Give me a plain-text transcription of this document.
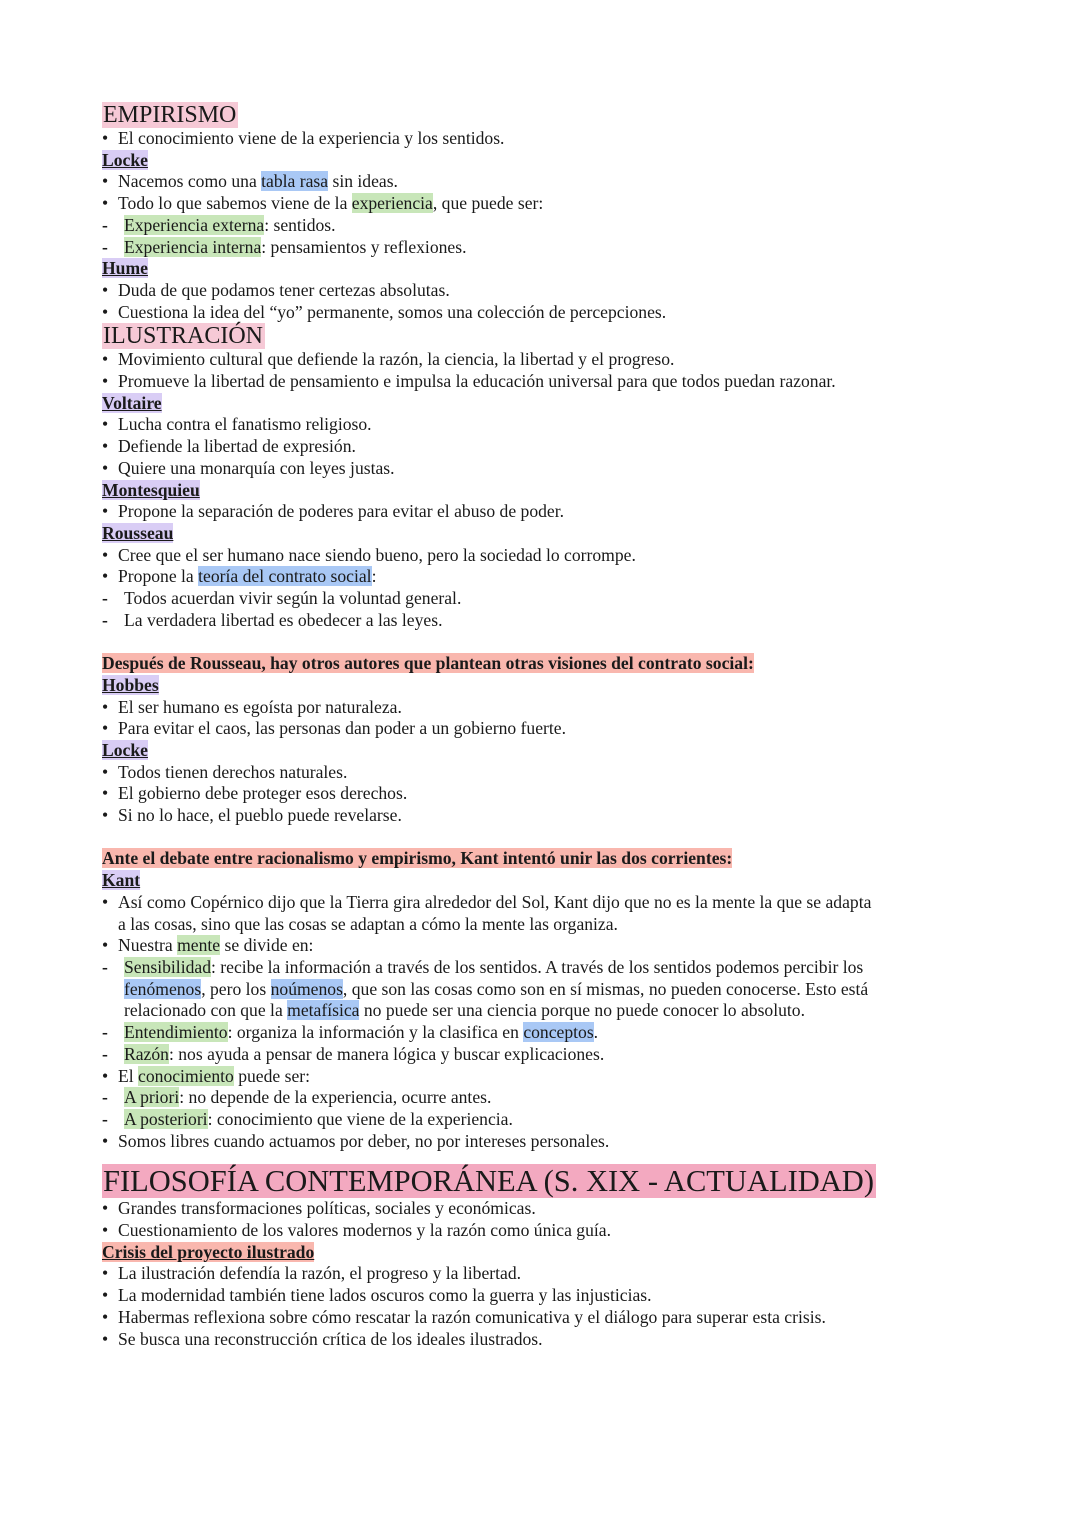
EMPIRISMO
• El conocimiento viene de la experiencia y los sentidos.
Locke
• Nacemos como una tabla rasa sin ideas.
• Todo lo que sabemos viene de la experiencia, que puede ser:
- Experiencia externa: sentidos.
- Experiencia interna: pensamientos y reflexiones.
Hume
• Duda de que podamos tener certezas absolutas.
• Cuestiona la idea del “yo” permanente, somos una colección de percepciones.
ILUSTRACIÓN
• Movimiento cultural que defiende la razón, la ciencia, la libertad y el progreso.
• Promueve la libertad de pensamiento e impulsa la educación universal para que todos puedan razonar.
Voltaire
• Lucha contra el fanatismo religioso.
• Defiende la libertad de expresión.
• Quiere una monarquía con leyes justas.
Montesquieu
• Propone la separación de poderes para evitar el abuso de poder.
Rousseau
• Cree que el ser humano nace siendo bueno, pero la sociedad lo corrompe.
• Propone la teoría del contrato social:
- Todos acuerdan vivir según la voluntad general.
- La verdadera libertad es obedecer a las leyes.
Después de Rousseau, hay otros autores que plantean otras visiones del contrato social:
Hobbes
• El ser humano es egoísta por naturaleza.
• Para evitar el caos, las personas dan poder a un gobierno fuerte.
Locke
• Todos tienen derechos naturales.
• El gobierno debe proteger esos derechos.
• Si no lo hace, el pueblo puede revelarse.
Ante el debate entre racionalismo y empirismo, Kant intentó unir las dos corrientes:
Kant
• Así como Copérnico dijo que la Tierra gira alrededor del Sol, Kant dijo que no es la mente la que se adapta
a las cosas, sino que las cosas se adaptan a cómo la mente las organiza.
• Nuestra mente se divide en:
- Sensibilidad: recibe la información a través de los sentidos. A través de los sentidos podemos percibir los
fenómenos, pero los noúmenos, que son las cosas como son en sí mismas, no pueden conocerse. Esto está
relacionado con que la metafísica no puede ser una ciencia porque no puede conocer lo absoluto.
- Entendimiento: organiza la información y la clasifica en conceptos.
- Razón: nos ayuda a pensar de manera lógica y buscar explicaciones.
• El conocimiento puede ser:
- A priori: no depende de la experiencia, ocurre antes.
- A posteriori: conocimiento que viene de la experiencia.
• Somos libres cuando actuamos por deber, no por intereses personales.
FILOSOFÍA CONTEMPORÁNEA (S. XIX - ACTUALIDAD)
• Grandes transformaciones políticas, sociales y económicas.
• Cuestionamiento de los valores modernos y la razón como única guía.
Crisis del proyecto ilustrado
• La ilustración defendía la razón, el progreso y la libertad.
• La modernidad también tiene lados oscuros como la guerra y las injusticias.
• Habermas reflexiona sobre cómo rescatar la razón comunicativa y el diálogo para superar esta crisis.
• Se busca una reconstrucción crítica de los ideales ilustrados.
